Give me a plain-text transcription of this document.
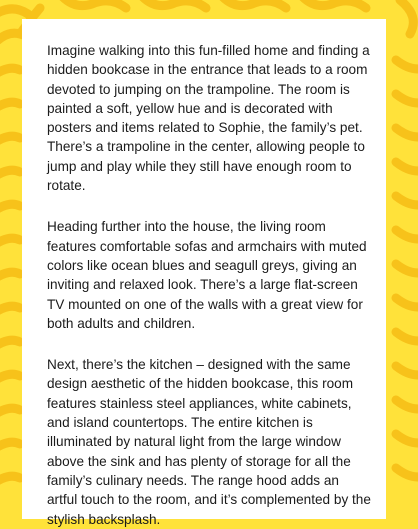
Imagine walking into this fun-filled home and finding a hidden bookcase in the entrance that leads to a room devoted to jumping on the trampoline. The room is painted a soft, yellow hue and is decorated with posters and items related to Sophie, the family’s pet. There’s a trampoline in the center, allowing people to jump and play while they still have enough room to rotate.

Heading further into the house, the living room features comfortable sofas and armchairs with muted colors like ocean blues and seagull greys, giving an inviting and relaxed look. There’s a large flat-screen TV mounted on one of the walls with a great view for both adults and children.

Next, there’s the kitchen – designed with the same design aesthetic of the hidden bookcase, this room features stainless steel appliances, white cabinets, and island countertops. The entire kitchen is illuminated by natural light from the large window above the sink and has plenty of storage for all the family’s culinary needs. The range hood adds an artful touch to the room, and it’s complemented by the stylish backsplash.
